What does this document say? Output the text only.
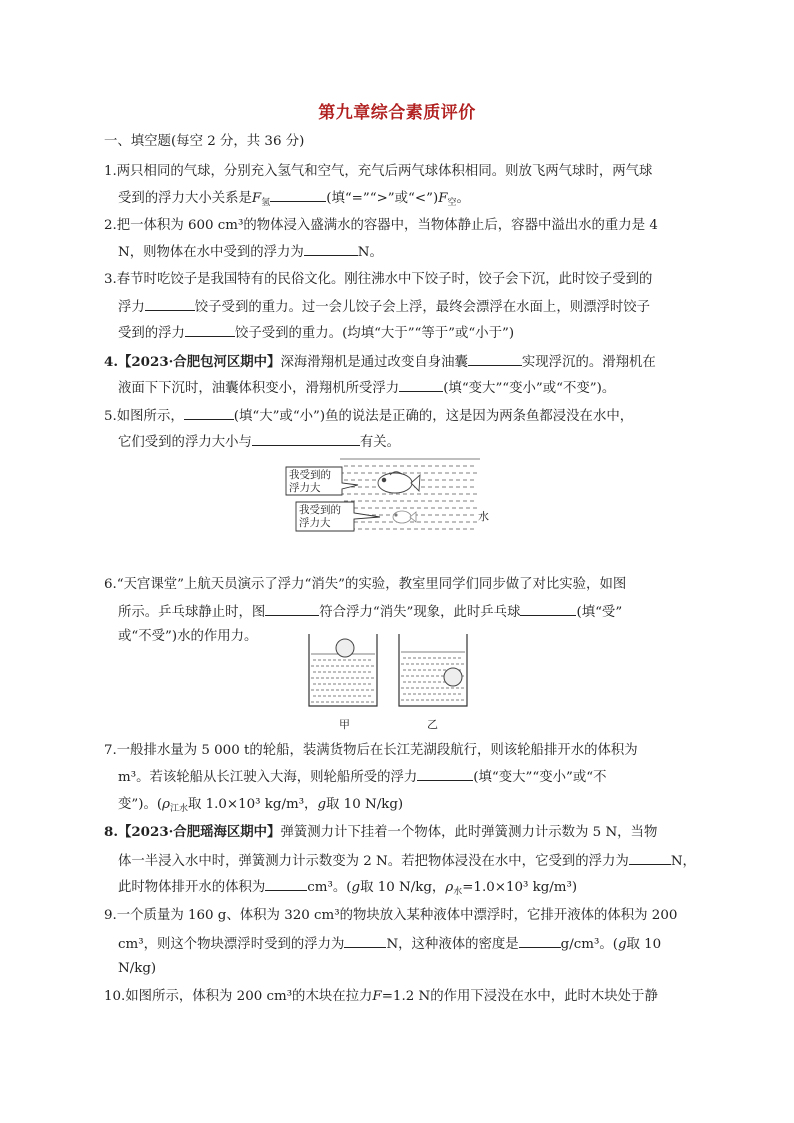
第九章综合素质评价
一、填空题(每空 2 分，共 36 分)
1.两只相同的气球，分别充入氢气和空气，充气后两气球体积相同。则放飞两气球时，两气球
受到的浮力大小关系是$F_氢$	(填“=”“>”或“$<”)F_空$。
2.把一体积为 600 cm³的物体浸入盛满水的容器中，当物体静止后，容器中溢出水的重力是 4
N，则物体在水中受到的浮力为	N。
3.春节时吃饺子是我国特有的民俗文化。刚往沸水中下饺子时，饺子会下沉，此时饺子受到的
浮力	饺子受到的重力。过一会儿饺子会上浮，最终会漂浮在水面上，则漂浮时饺子
受到的浮力	饺子受到的重力。(均填“大于”“等于”或“小于”)
4.【2023·合肥包河区期中】深海滑翔机是通过改变自身油囊	实现浮沉的。滑翔机在
液面下下沉时，油囊体积变小，滑翔机所受浮力	(填“变大”“变小”或“不变”)。
5.如图所示，	(填“大”或“小”)鱼的说法是正确的，这是因为两条鱼都浸没在水中，
它们受到的浮力大小与	有关。
我受到的
浮力大
我受到的
浮力大	水
6.“天宫课堂”上航天员演示了浮力“消失”的实验，教室里同学们同步做了对比实验，如图
所示。乒乓球静止时，图	符合浮力“消失”现象，此时乒乓球	(填“受”
或“不受”)水的作用力。
甲	乙
7.一般排水量为 5 000 t的轮船，装满货物后在长江芜湖段航行，则该轮船排开水的体积为
m³。若该轮船从长江驶入大海，则轮船所受的浮力	(填“变大”“变小”或“不
变”)。($\rho_{江水}$取 1.0×10³ kg/m³，g取 10 N/kg)
8.【2023·合肥瑶海区期中】弹簧测力计下挂着一个物体，此时弹簧测力计示数为 5 N，当物
体一半浸入水中时，弹簧测力计示数变为 2 N。若把物体浸没在水中，它受到的浮力为	N，
此时物体排开水的体积为	cm³。(g取 10 N/kg，$\rho_水=1.0\times 10^3$ kg/m³)
9.一个质量为 160 g、体积为 320 cm³的物块放入某种液体中漂浮时，它排开液体的体积为 200
cm³，则这个物块漂浮时受到的浮力为	N，这种液体的密度是	g/cm³。(g取 10
N/kg)
10.如图所示，体积为 200 cm³的木块在拉力F=1.2 N的作用下浸没在水中，此时木块处于静
